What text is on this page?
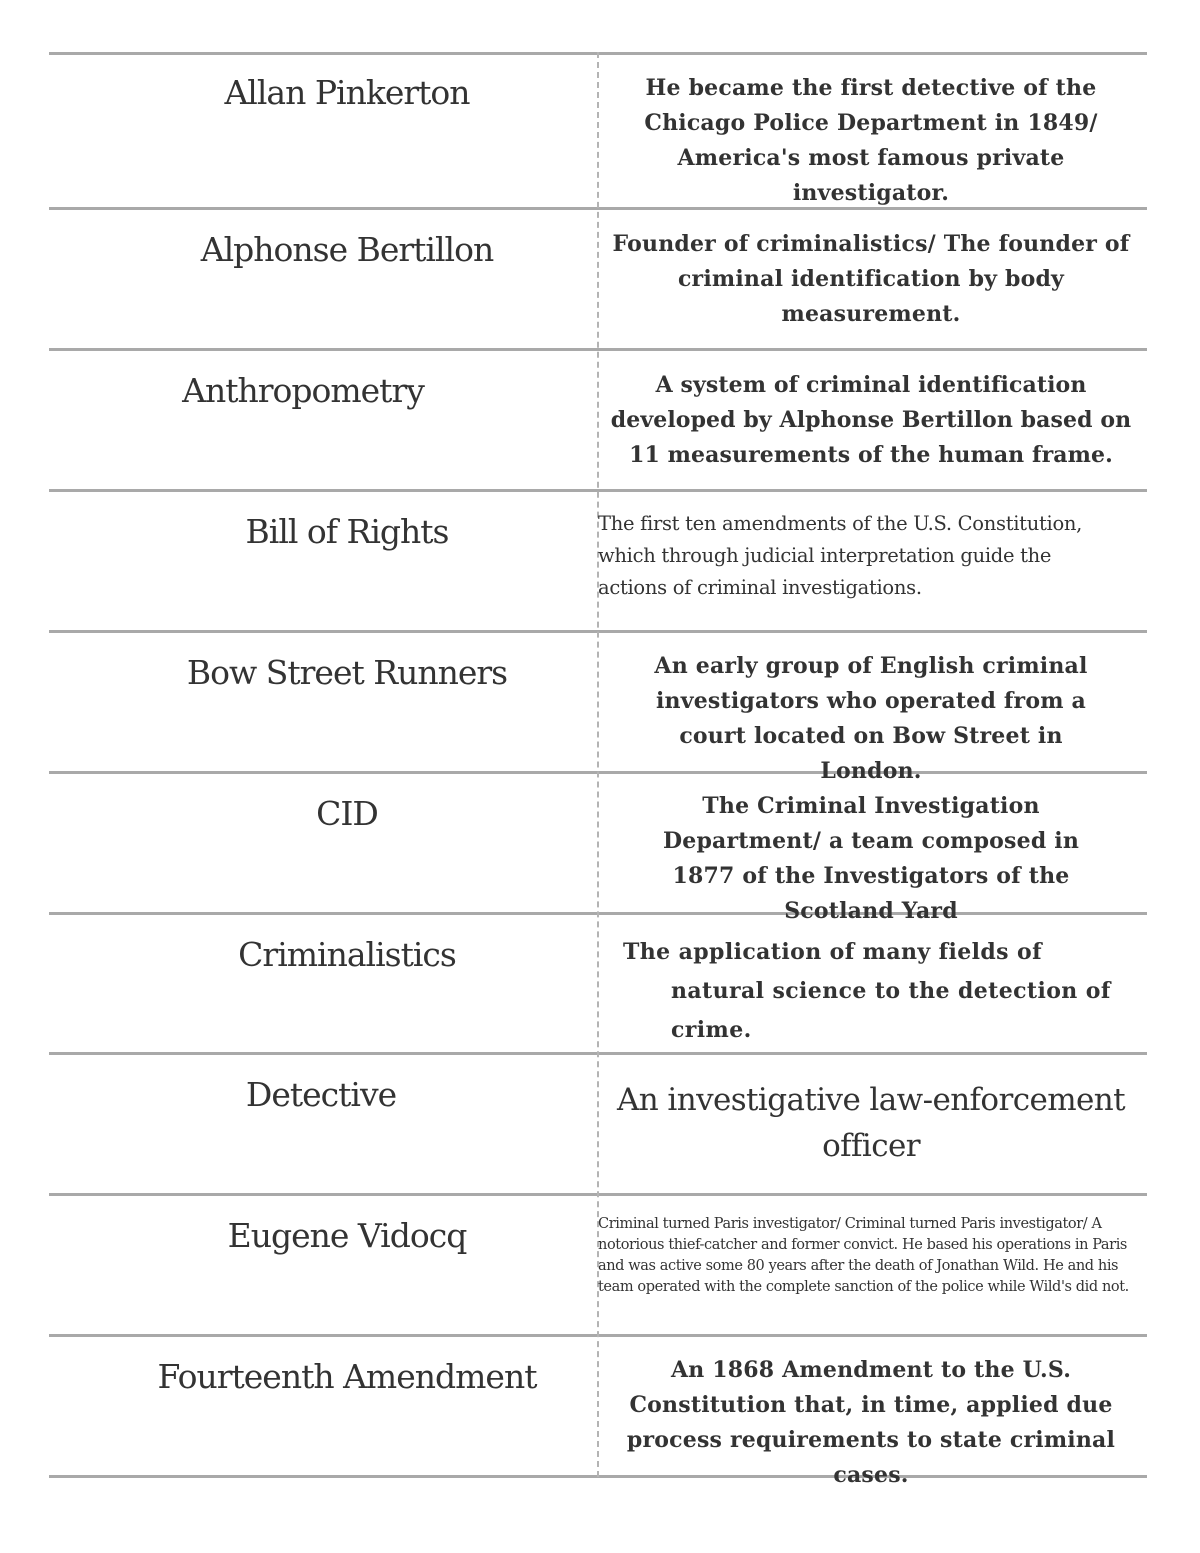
Allan Pinkerton	He became the first detective of the Chicago Police Department in 1849/ America's most famous private investigator.
Alphonse Bertillon	Founder of criminalistics/ The founder of criminal identification by body measurement.
Anthropometry	A system of criminal identification developed by Alphonse Bertillon based on 11 measurements of the human frame.
Bill of Rights	The first ten amendments of the U.S. Constitution, which through judicial interpretation guide the actions of criminal investigations.
Bow Street Runners	An early group of English criminal investigators who operated from a court located on Bow Street in London.
CID	The Criminal Investigation Department/ a team composed in 1877 of the Investigators of the Scotland Yard
Criminalistics	The application of many fields of natural science to the detection of crime.
Detective	An investigative law-enforcement officer
Eugene Vidocq	Criminal turned Paris investigator/ Criminal turned Paris investigator/ A notorious thief-catcher and former convict. He based his operations in Paris and was active some 80 years after the death of Jonathan Wild. He and his team operated with the complete sanction of the police while Wild's did not.
Fourteenth Amendment	An 1868 Amendment to the U.S. Constitution that, in time, applied due process requirements to state criminal cases.
